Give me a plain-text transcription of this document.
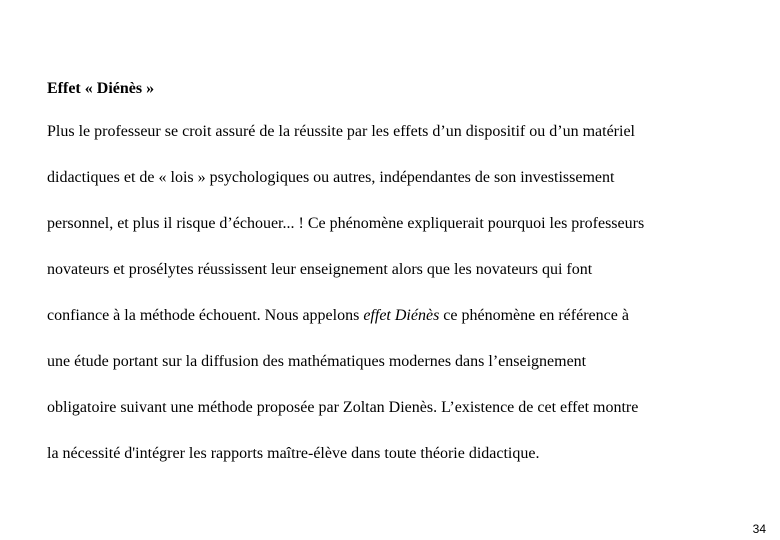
Effet « Diénès »
Plus le professeur se croit assuré de la réussite par les effets d’un dispositif ou d’un matériel
didactiques et de « lois » psychologiques ou autres, indépendantes de son investissement
personnel, et plus il risque d’échouer... ! Ce phénomène expliquerait pourquoi les professeurs
novateurs et prosélytes réussissent leur enseignement alors que les novateurs qui font
confiance à la méthode échouent. Nous appelons effet Diénès ce phénomène en référence à
une étude portant sur la diffusion des mathématiques modernes dans l’enseignement
obligatoire suivant une méthode proposée par Zoltan Dienès. L’existence de cet effet montre
la nécessité d'intégrer les rapports maître-élève dans toute théorie didactique.
34
